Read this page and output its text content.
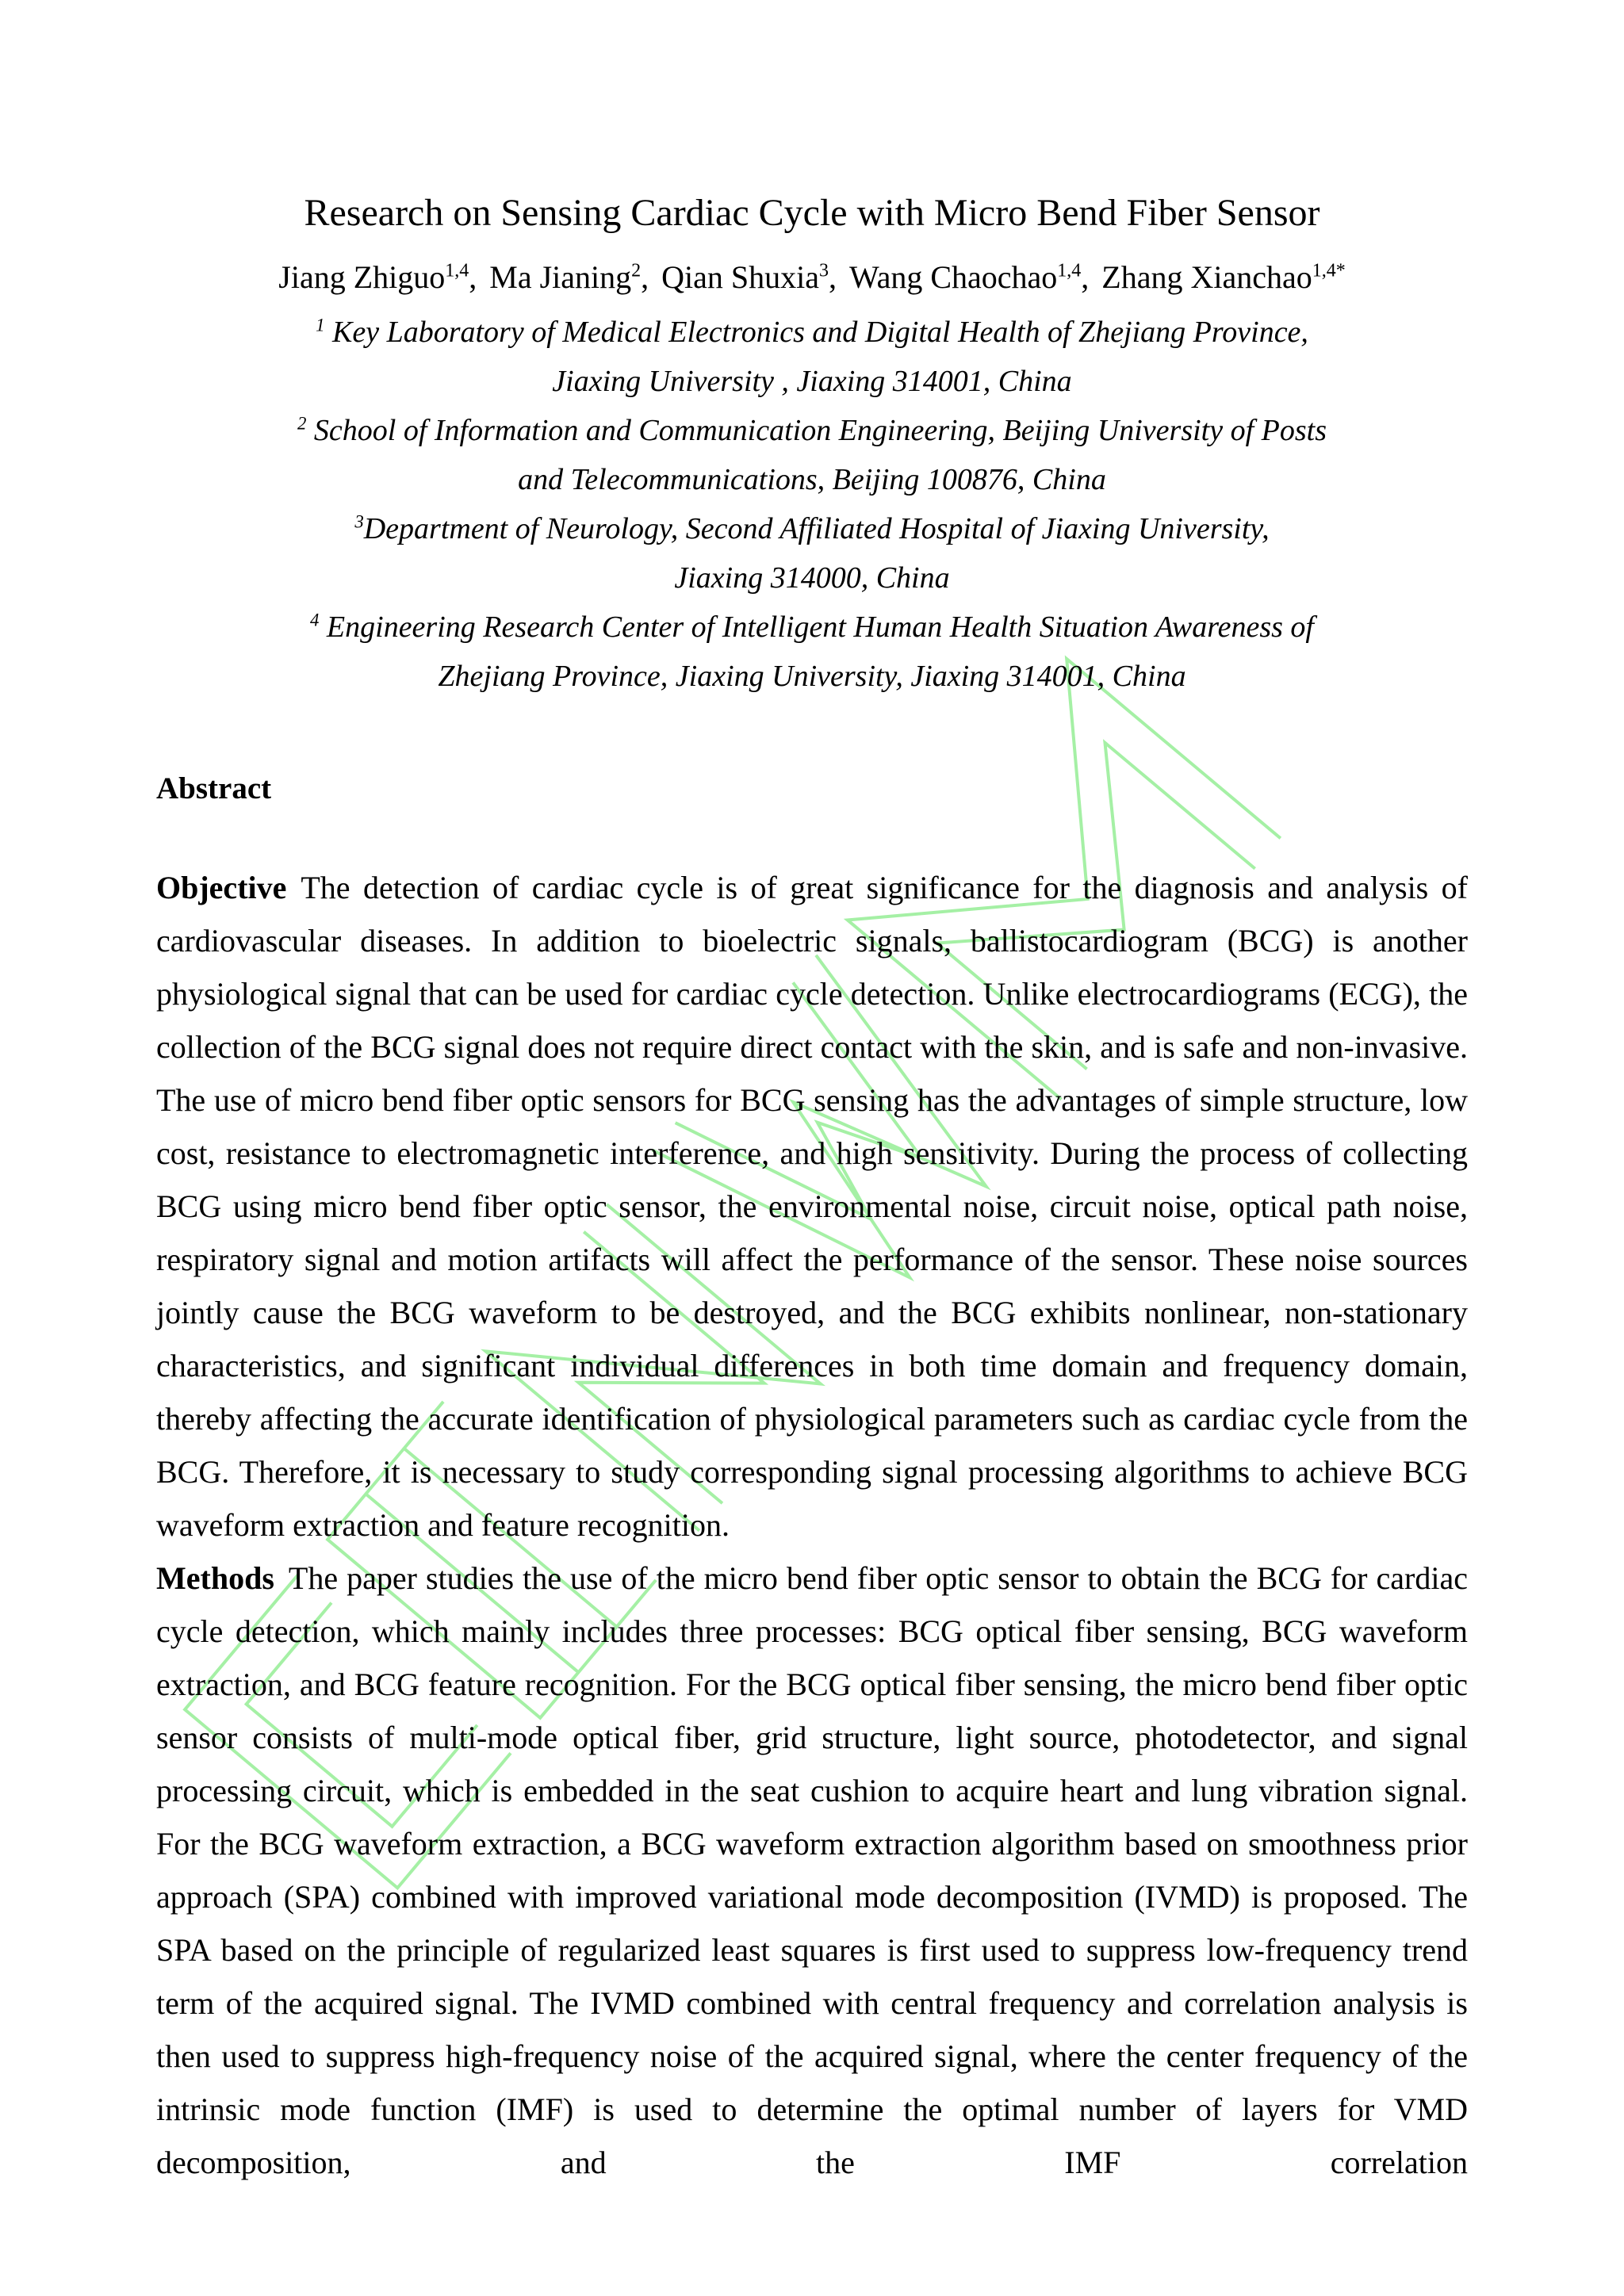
Research on Sensing Cardiac Cycle with Micro Bend Fiber Sensor
Jiang Zhiguo$^{1,4}$, Ma Jianing$^2$, Qian Shuxia$^3$, Wang Chaochao$^{1,4}$, Zhang Xianchao$^{1,4*}$
$^1$ Key Laboratory of Medical Electronics and Digital Health of Zhejiang Province,
Jiaxing University , Jiaxing 314001, China
$^2$ School of Information and Communication Engineering, Beijing University of Posts
and Telecommunications, Beijing 100876, China
$^3$Department of Neurology, Second Affiliated Hospital of Jiaxing University,
Jiaxing 314000, China
$^4$ Engineering Research Center of Intelligent Human Health Situation Awareness of
Zhejiang Province, Jiaxing University, Jiaxing 314001, China
Abstract

Objective The detection of cardiac cycle is of great significance for the diagnosis and analysis of cardiovascular diseases. In addition to bioelectric signals, ballistocardiogram (BCG) is another physiological signal that can be used for cardiac cycle detection. Unlike electrocardiograms (ECG), the collection of the BCG signal does not require direct contact with the skin, and is safe and non-invasive. The use of micro bend fiber optic sensors for BCG sensing has the advantages of simple structure, low cost, resistance to electromagnetic interference, and high sensitivity. During the process of collecting BCG using micro bend fiber optic sensor, the environmental noise, circuit noise, optical path noise, respiratory signal and motion artifacts will affect the performance of the sensor. These noise sources jointly cause the BCG waveform to be destroyed, and the BCG exhibits nonlinear, non-stationary characteristics, and significant individual differences in both time domain and frequency domain, thereby affecting the accurate identification of physiological parameters such as cardiac cycle from the BCG. Therefore, it is necessary to study corresponding signal processing algorithms to achieve BCG waveform extraction and feature recognition.

Methods The paper studies the use of the micro bend fiber optic sensor to obtain the BCG for cardiac cycle detection, which mainly includes three processes: BCG optical fiber sensing, BCG waveform extraction, and BCG feature recognition. For the BCG optical fiber sensing, the micro bend fiber optic sensor consists of multi-mode optical fiber, grid structure, light source, photodetector, and signal processing circuit, which is embedded in the seat cushion to acquire heart and lung vibration signal. For the BCG waveform extraction, a BCG waveform extraction algorithm based on smoothness prior approach (SPA) combined with improved variational mode decomposition (IVMD) is proposed. The SPA based on the principle of regularized least squares is first used to suppress low-frequency trend term of the acquired signal. The IVMD combined with central frequency and correlation analysis is then used to suppress high-frequency noise of the acquired signal, where the center frequency of the intrinsic mode function (IMF) is used to determine the optimal number of layers for VMD decomposition, and the IMF correlation
